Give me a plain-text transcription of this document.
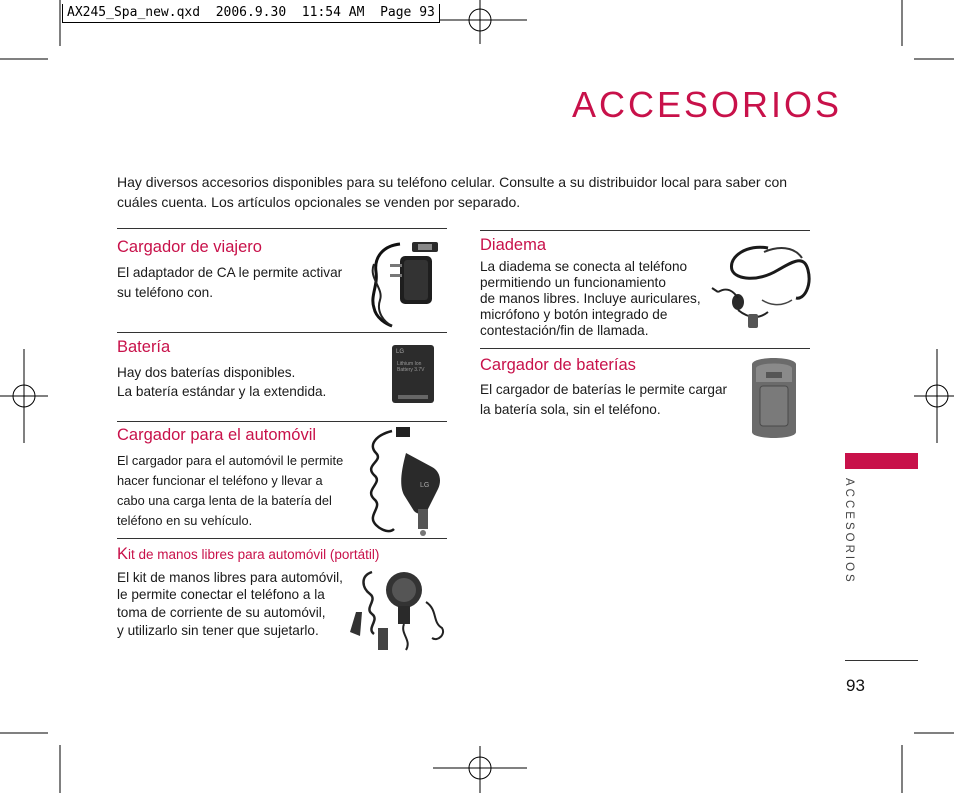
AX245_Spa_new.qxd  2006.9.30  11:54 AM  Page 93
ACCESORIOS
Hay diversos accesorios disponibles para su teléfono celular. Consulte a su distribuidor local para saber con cuáles cuenta. Los artículos opcionales se venden por separado.
Cargador de viajero
El adaptador de CA le permite activar su teléfono con.
Batería
Hay dos baterías disponibles.
La batería estándar y la extendida.
LG
Lithium Ion Battery 3.7V
Cargador para el automóvil
El cargador para el automóvil le permite hacer funcionar el teléfono y llevar a cabo una carga lenta de la batería del teléfono en su vehículo.
LG
Kit de manos libres para automóvil (portátil)
El kit de manos libres para automóvil,
le permite conectar el teléfono a la
toma de corriente de su automóvil,
y utilizarlo sin tener que sujetarlo.
Diadema
La diadema se conecta al teléfono
permitiendo un funcionamiento
de manos libres. Incluye auriculares,
micrófono y botón integrado de
contestación/fin de llamada.
Cargador de baterías
El cargador de baterías le permite cargar
la batería sola, sin el teléfono.
ACCESORIOS
93
